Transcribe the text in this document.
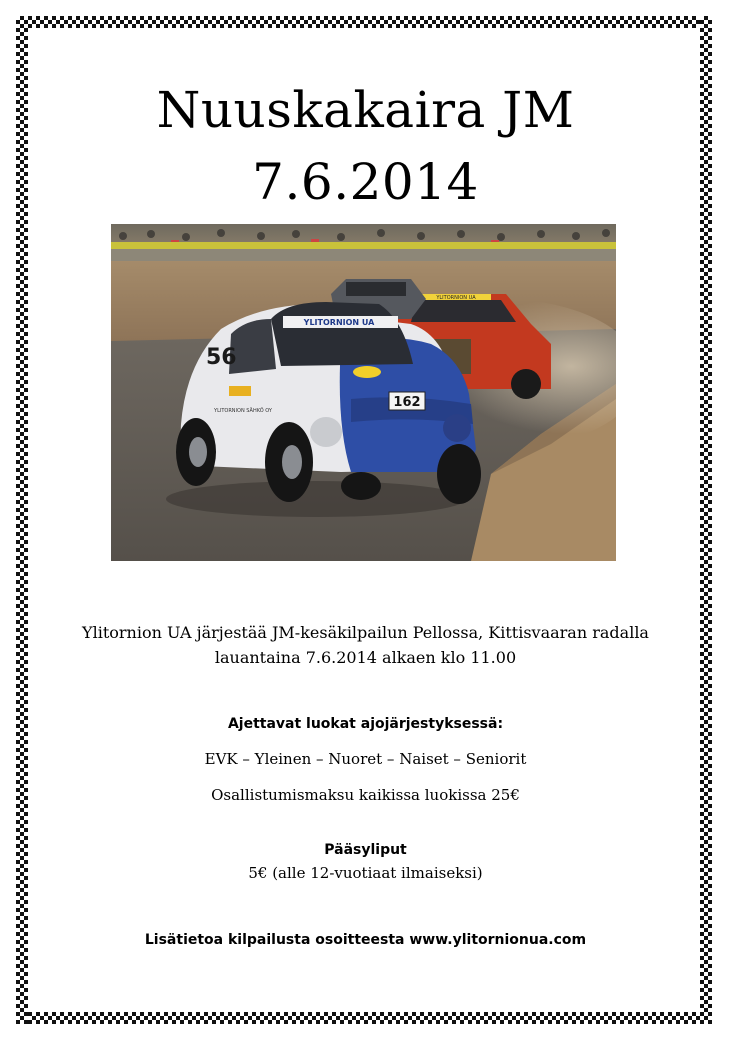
Nuuskakaira JM
7.6.2014
YLITORNION UA
YLITORNION UA
56
YLITORNION SÄHKÖ OY
162
Ylitornion UA järjestää JM-kesäkilpailun Pellossa, Kittisvaaran radalla
lauantaina 7.6.2014 alkaen klo 11.00
Ajettavat luokat ajojärjestyksessä:
EVK – Yleinen – Nuoret – Naiset – Seniorit
Osallistumismaksu kaikissa luokissa 25€
Pääsyliput
5€ (alle 12-vuotiaat ilmaiseksi)
Lisätietoa kilpailusta osoitteesta www.ylitornionua.com
